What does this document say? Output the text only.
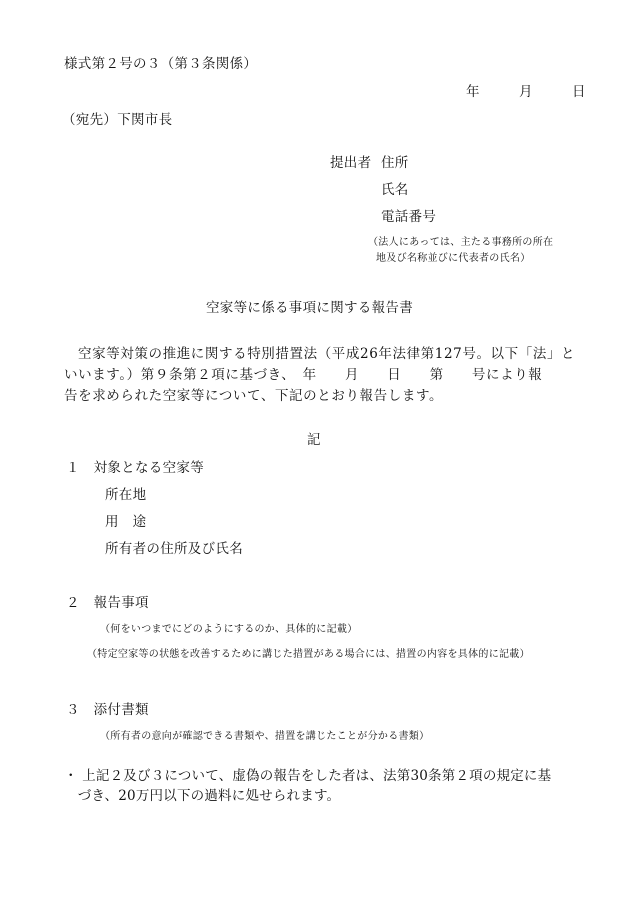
様式第２号の３（第３条関係）

年	月	日

（宛先）下関市長

提出者 住所

氏名

電話番号

（法人にあっては、主たる事務所の所在

地及び名称並びに代表者の氏名）

空家等に係る事項に関する報告書

空家等対策の推進に関する特別措置法（平成26年法律第127号。以下「法」と
いいます。）第９条第２項に基づき、　年　　月　　日　　第　　号により報
告を求められた空家等について、下記のとおり報告します。

記

１　対象となる空家等

所在地

用　途

所有者の住所及び氏名

２　報告事項

（何をいつまでにどのようにするのか、具体的に記載）

（特定空家等の状態を改善するために講じた措置がある場合には、措置の内容を具体的に記載）

３　添付書類

（所有者の意向が確認できる書類や、措置を講じたことが分かる書類）

・ 上記２及び３について、虚偽の報告をした者は、法第30条第２項の規定に基
　づき、20万円以下の過料に処せられます。
